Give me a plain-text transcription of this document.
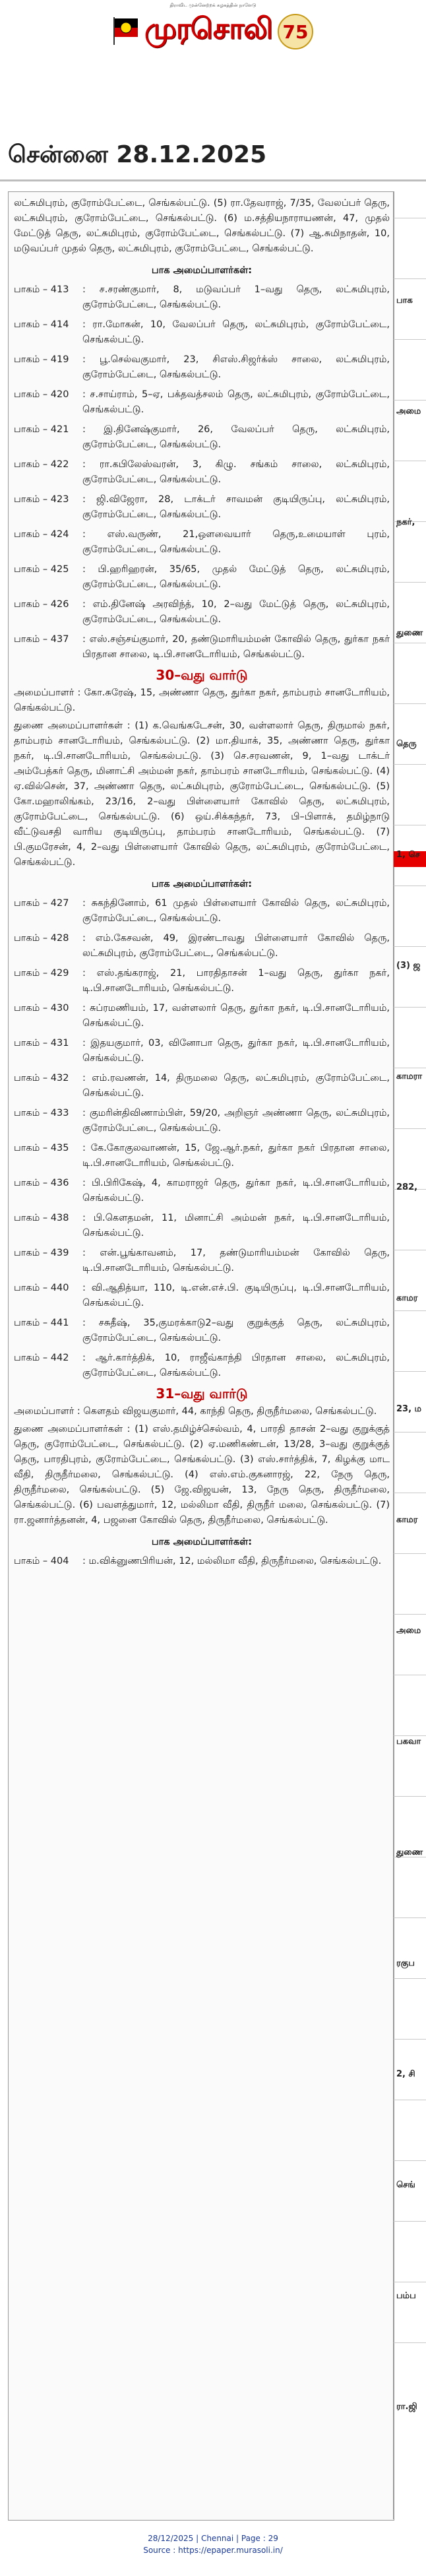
திராவிட முன்னேற்றக் கழகத்தின் நாளேடு
முரசொலி 75
சென்னை 28.12.2025

லட்சுமிபுரம், குரோம்பேட்டை, செங்கல்பட்டு. (5) ரா.தேவராஜ், 7/35, வேலப்பர் தெரு, லட்சுமிபுரம், குரோம்பேட்டை, செங்கல்பட்டு. (6) ம.சத்தியநாராயணன், 47, முதல் மேட்டுத் தெரு, லட்சுமிபுரம், குரோம்பேட்டை, செங்கல்பட்டு. (7) ஆ.சுமிநாதன், 10, மடுவப்பர் முதல் தெரு, லட்சுமிபுரம், குரோம்பேட்டை, செங்கல்பட்டு.

பாக அமைப்பாளர்கள்:
பாகம் – 413	: ச.சரண்குமார், 8, மடுவப்பர் 1–வது தெரு, லட்சுமிபுரம், குரோம்பேட்டை, செங்கல்பட்டு.
பாகம் – 414	: ரா.மோகன், 10, வேலப்பர் தெரு, லட்சுமிபுரம், குரோம்பேட்டை, செங்கல்பட்டு.
பாகம் – 419	: பூ.செல்வகுமார், 23, சிஎஸ்.சிஜர்க்ஸ் சாலை, லட்சுமிபுரம், குரோம்பேட்டை, செங்கல்பட்டு.
பாகம் – 420	: ச.சாய்ராம், 5–ஏ, பக்தவத்சலம் தெரு, லட்சுமிபுரம், குரோம்பேட்டை, செங்கல்பட்டு.
பாகம் – 421	: இ.தினேஷ்குமார், 26, வேலப்பர் தெரு, லட்சுமிபுரம், குரோம்பேட்டை, செங்கல்பட்டு.
பாகம் – 422	: ரா.கபிலேஸ்வரன், 3, கிழு. சங்கம் சாலை, லட்சுமிபுரம், குரோம்பேட்டை, செங்கல்பட்டு.
பாகம் – 423	: ஜி.விஜேரா, 28, டாக்டர் சாவமன் குடியிருப்பு, லட்சுமிபுரம், குரோம்பேட்டை, செங்கல்பட்டு.
பாகம் – 424	: எஸ்.வருண், 21,ஒளவையார் தெரு,உமையாள் புரம், குரோம்பேட்டை, செங்கல்பட்டு.
பாகம் – 425	: பி.ஹரிஹரன், 35/65, முதல் மேட்டுத் தெரு, லட்சுமிபுரம், குரோம்பேட்டை, செங்கல்பட்டு.
பாகம் – 426	: எம்.தினேஷ் அரவிந்த், 10, 2–வது மேட்டுத் தெரு, லட்சுமிபுரம், குரோம்பேட்டை, செங்கல்பட்டு.
பாகம் – 437	: எஸ்.சஞ்சய்குமார், 20, தண்டுமாரியம்மன் கோவில் தெரு, துர்கா நகர் பிரதான சாலை, டி.பி.சானடோரியம், செங்கல்பட்டு.
30–வது வார்டு

அமைப்பாளர் : கோ.சுரேஷ், 15, அண்ணா தெரு, துர்கா நகர், தாம்பரம் சானடோரியம், செங்கல்பட்டு.

துணை அமைப்பாளர்கள் : (1) க.வெங்கடேசன், 30, வள்ளலார் தெரு, திருமால் நகர், தாம்பரம் சானடோரியம், செங்கல்பட்டு. (2) மா.தியாக், 35, அண்ணா தெரு, துர்கா நகர், டி.பி.சானடோரியம், செங்கல்பட்டு. (3) செ.சரவணன், 9, 1–வது டாக்டர் அம்பேத்கர் தெரு, மினாட்சி அம்மன் நகர், தாம்பரம் சானடோரியம், செங்கல்பட்டு. (4) ஏ.வில்சென், 37, அண்ணா தெரு, லட்சுமிபுரம், குரோம்பேட்டை, செங்கல்பட்டு. (5) கோ.மஹாலிங்கம், 23/16, 2–வது பிள்ளையார் கோவில் தெரு, லட்சுமிபுரம், குரோம்பேட்டை, செங்கல்பட்டு. (6) ஒய்.சிக்கந்தர், 73, பி–பிளாக், தமிழ்நாடு வீட்டுவசதி வாரிய குடியிருப்பு, தாம்பரம் சானடோரியம், செங்கல்பட்டு. (7) பி.குமரேசன், 4, 2–வது பிள்ளையார் கோவில் தெரு, லட்சுமிபுரம், குரோம்பேட்டை, செங்கல்பட்டு.

பாக அமைப்பாளர்கள்:
பாகம் – 427	: சுகந்தினோம், 61 முதல் பிள்ளையார் கோவில் தெரு, லட்சுமிபுரம், குரோம்பேட்டை, செங்கல்பட்டு.
பாகம் – 428	: எம்.கேசவன், 49, இரண்டாவது பிள்ளையார் கோவில் தெரு, லட்சுமிபுரம், குரோம்பேட்டை, செங்கல்பட்டு.
பாகம் – 429	: எஸ்.தங்கராஜ், 21, பாரதிதாசன் 1–வது தெரு, துர்கா நகர், டி.பி.சானடோரியம், செங்கல்பட்டு.
பாகம் – 430	: சுப்ரமணியம், 17, வள்ளலார் தெரு, துர்கா நகர், டி.பி.சானடோரியம், செங்கல்பட்டு.
பாகம் – 431	: இதயகுமார், 03, வினோபா தெரு, துர்கா நகர், டி.பி.சானடோரியம், செங்கல்பட்டு.
பாகம் – 432	: எம்.ரவணன், 14, திருமலை தெரு, லட்சுமிபுரம், குரோம்பேட்டை, செங்கல்பட்டு.
பாகம் – 433	: குமரின்திவிணாம்பிள், 59/20, அறிஞர் அண்ணா தெரு, லட்சுமிபுரம், குரோம்பேட்டை, செங்கல்பட்டு.
பாகம் – 435	: கே.கோகுலவாணன், 15, ஜே.ஆர்.நகர், துர்கா நகர் பிரதான சாலை, டி.பி.சானடோரியம், செங்கல்பட்டு.
பாகம் – 436	: பி.பிரிகேஷ், 4, காமராஜர் தெரு, துர்கா நகர், டி.பி.சானடோரியம், செங்கல்பட்டு.
பாகம் – 438	: பி.கௌதமன், 11, மினாட்சி அம்மன் நகர், டி.பி.சானடோரியம், செங்கல்பட்டு.
பாகம் – 439	: என்.பூங்காவனம், 17, தண்டுமாரியம்மன் கோவில் தெரு, டி.பி.சானடோரியம், செங்கல்பட்டு.
பாகம் – 440	: வி.ஆதித்யா, 110, டி.என்.எச்.பி. குடியிருப்பு, டி.பி.சானடோரியம், செங்கல்பட்டு.
பாகம் – 441	: சசுதீஷ், 35,குமரக்காடு2–வது குறுக்குத் தெரு, லட்சுமிபுரம், குரோம்பேட்டை, செங்கல்பட்டு.
பாகம் – 442	: ஆர்.கார்த்திக், 10, ராஜீவ்காந்தி பிரதான சாலை, லட்சுமிபுரம், குரோம்பேட்டை, செங்கல்பட்டு.
31–வது வார்டு

அமைப்பாளர் : கௌதம் விஜயகுமார், 44, காந்தி தெரு, திருநீர்மலை, செங்கல்பட்டு.

துணை அமைப்பாளர்கள் : (1) எஸ்.தமிழ்ச்செல்வம், 4, பாரதி தாசன் 2–வது குறுக்குத் தெரு, குரோம்பேட்டை, செங்கல்பட்டு. (2) ஏ.மணிகண்டன், 13/28, 3–வது குறுக்குத் தெரு, பாரதிபுரம், குரோம்பேட்டை, செங்கல்பட்டு. (3) எஸ்.சார்த்திக், 7, கிழக்கு மாட வீதி, திருநீர்மலை, செங்கல்பட்டு. (4) எஸ்.எம்.குகனாரஜ், 22, நேரு தெரு, திருநீர்மலை, செங்கல்பட்டு. (5) ஜே.விஜயன், 13, நேரு தெரு, திருநீர்மலை, செங்கல்பட்டு. (6) பவளத்துமார், 12, மல்லிமா வீதி, திருநீர் மலை, செங்கல்பட்டு. (7) ரா.ஜனார்த்தனன், 4, பஜனை கோவில் தெரு, திருநீர்மலை, செங்கல்பட்டு.

பாக அமைப்பாளர்கள்:
பாகம் – 404	: ம.விக்னுணபிரியன், 12, மல்லிமா வீதி, திருநீர்மலை, செங்கல்பட்டு.
பாக
அமை
நகர்,
துணை
தெரு
1, செ
(3) ஜ
காமரா
282,
காமர
23, ம
காமர
அமை
பகவா
துணை
ரகுப
2, சி
செங்
பம்ப
ரா.ஜி
28/12/2025 | Chennai | Page : 29
Source : https://epaper.murasoli.in/
